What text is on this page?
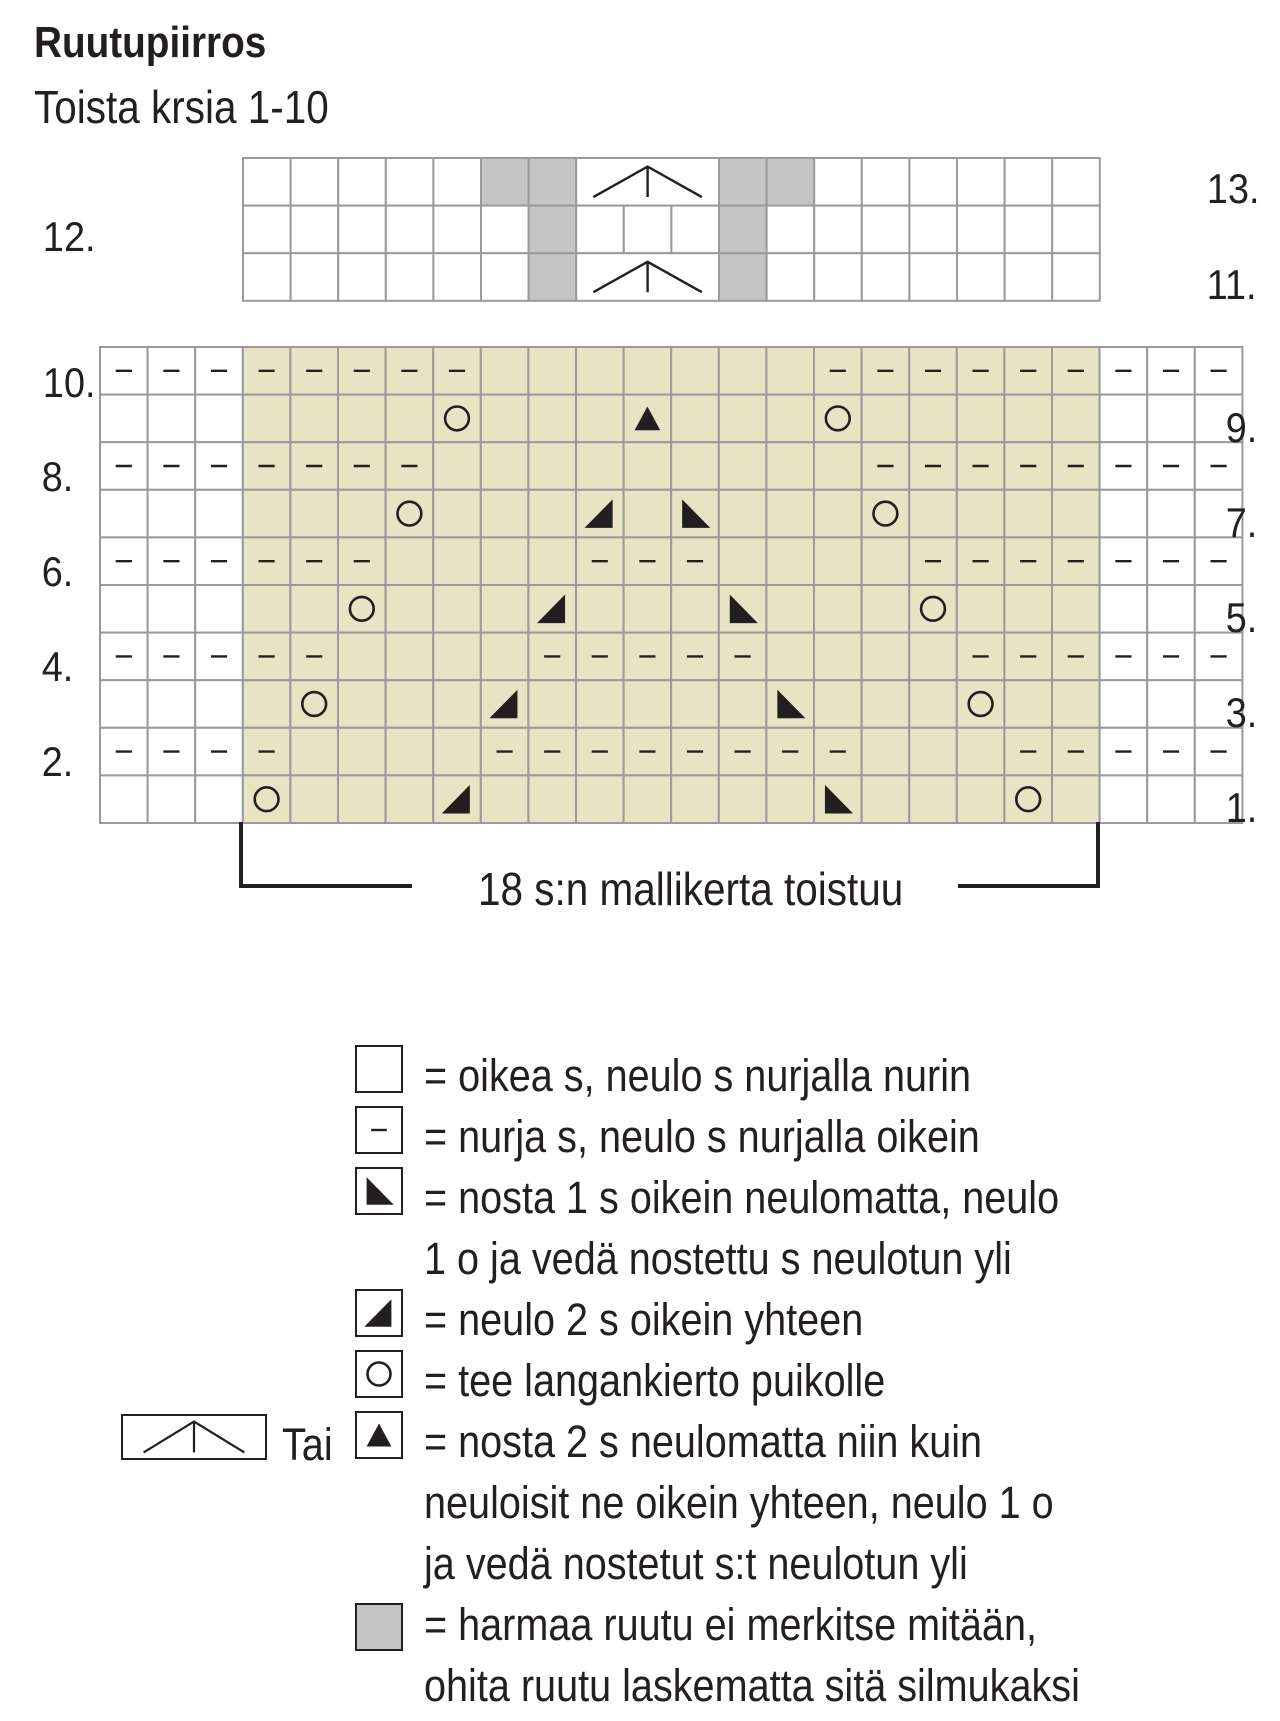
Ruutupiirros
Toista krsia 1-10
12.
13.
11.
10.
8.
6.
4.
2.
9.
7.
5.
3.
1.
18 s:n mallikerta toistuu
= oikea s, neulo s nurjalla nurin
= nurja s, neulo s nurjalla oikein
= nosta 1 s oikein neulomatta, neulo
1 o ja vedä nostettu s neulotun yli
= neulo 2 s oikein yhteen
= tee langankierto puikolle
= nosta 2 s neulomatta niin kuin
neuloisit ne oikein yhteen, neulo 1 o
ja vedä nostetut s:t neulotun yli
= harmaa ruutu ei merkitse mitään,
ohita ruutu laskematta sitä silmukaksi
Tai
